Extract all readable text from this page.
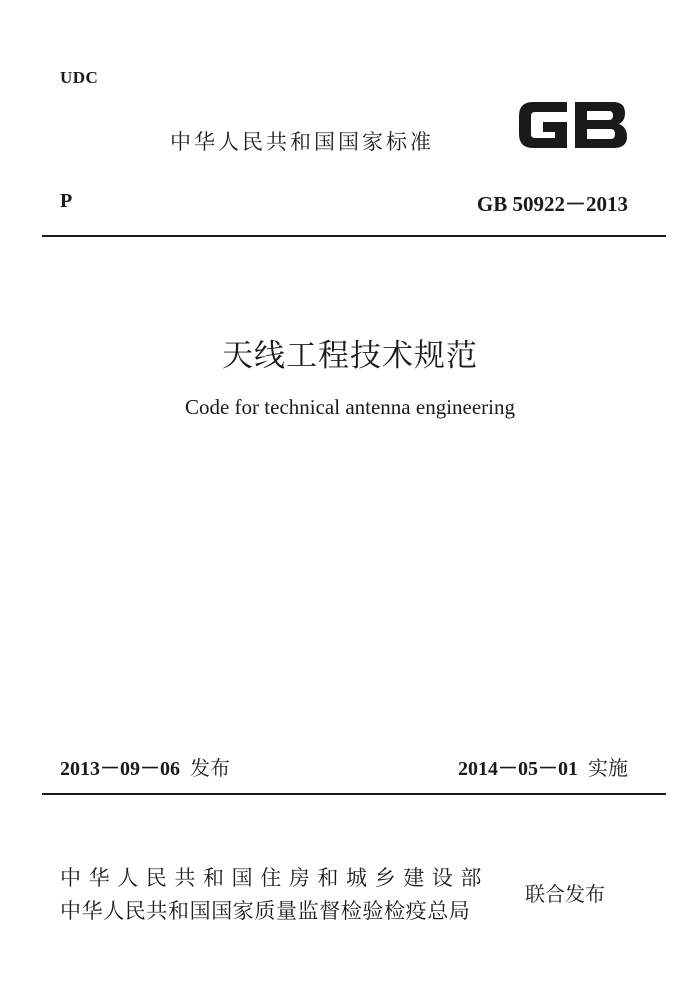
UDC
中华人民共和国国家标准
P	GB 50922－2013
天线工程技术规范
Code for technical antenna engineering
2013－09－06 发布	2014－05－01 实施
中华人民共和国住房和城乡建设部
中华人民共和国国家质量监督检验检疫总局
联合发布
